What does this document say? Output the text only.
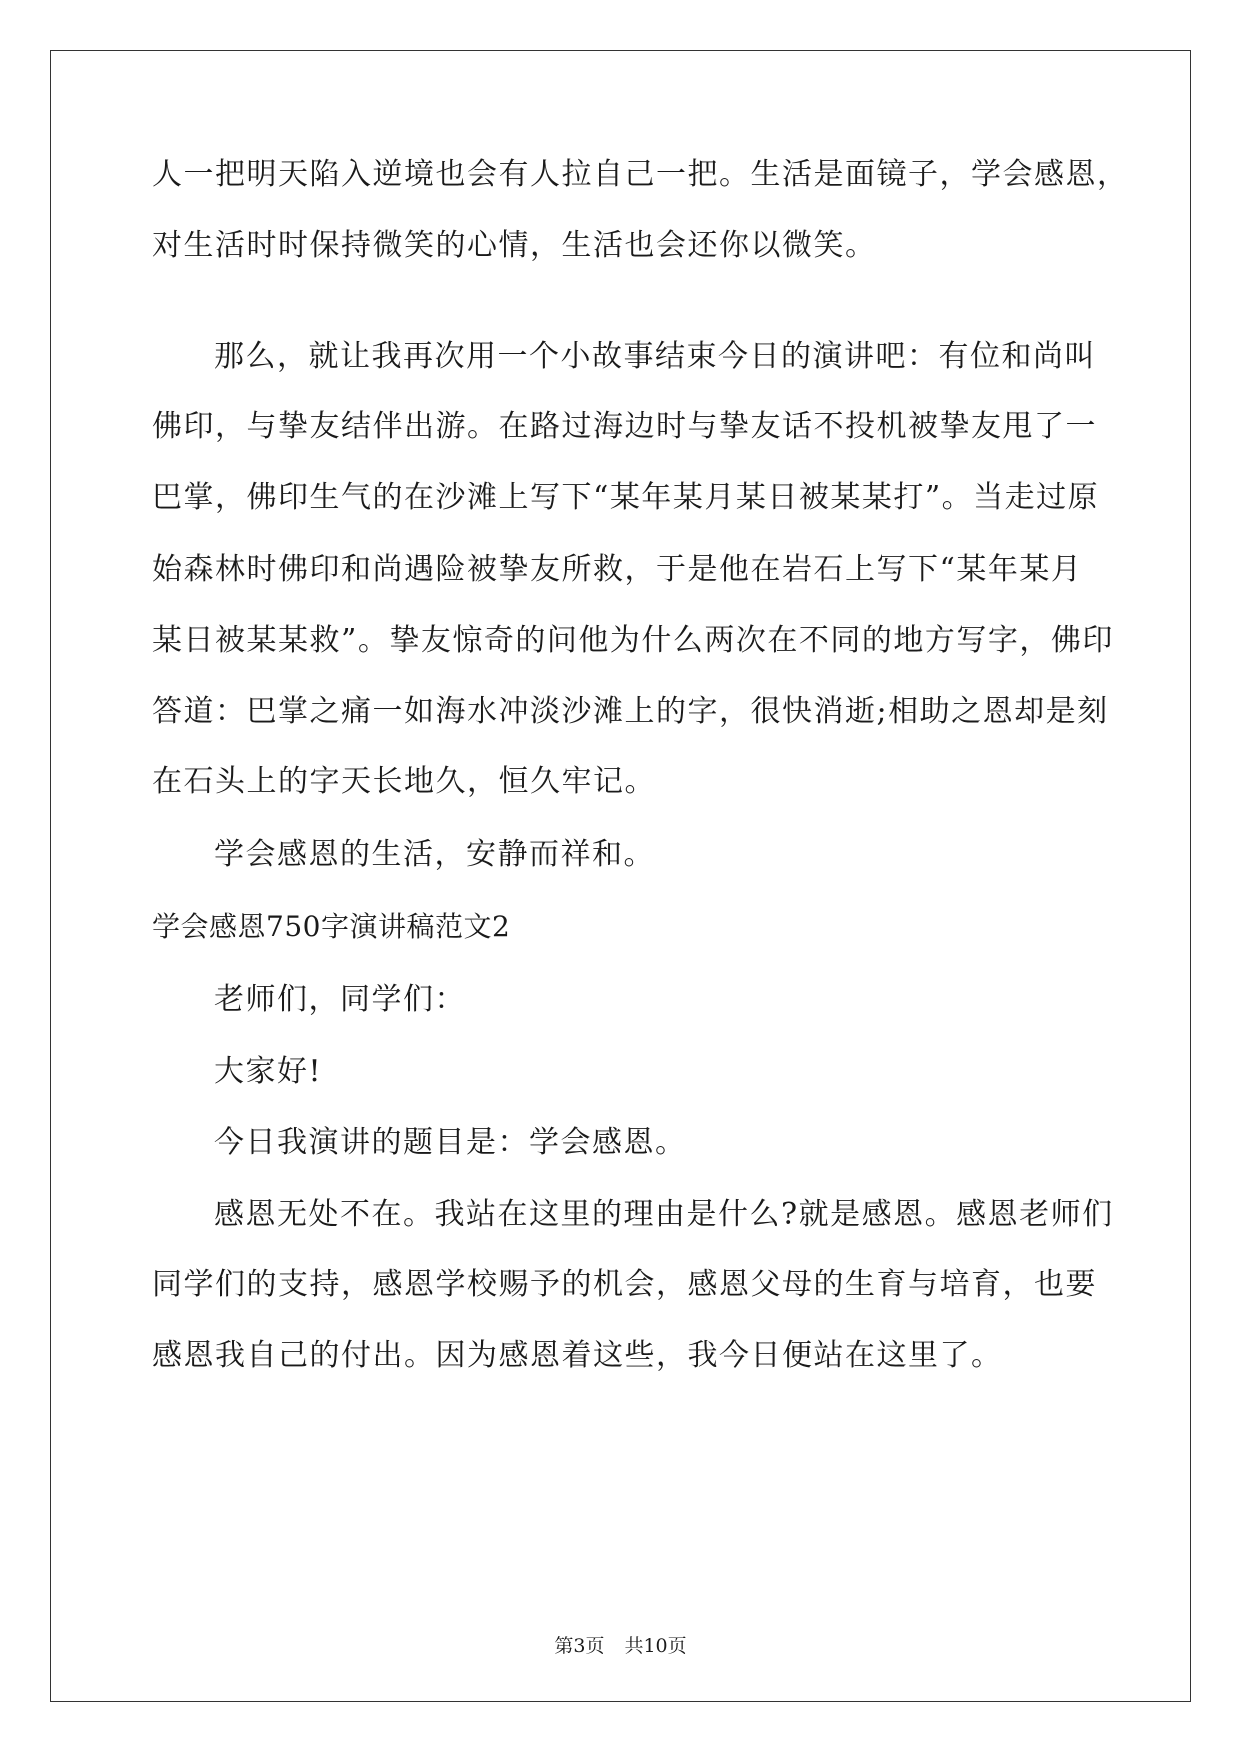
人一把明天陷入逆境也会有人拉自己一把。生活是面镜子，学会感恩，
对生活时时保持微笑的心情，生活也会还你以微笑。
那么，就让我再次用一个小故事结束今日的演讲吧：有位和尚叫
佛印，与挚友结伴出游。在路过海边时与挚友话不投机被挚友甩了一
巴掌，佛印生气的在沙滩上写下“某年某月某日被某某打”。当走过原
始森林时佛印和尚遇险被挚友所救，于是他在岩石上写下“某年某月
某日被某某救”。挚友惊奇的问他为什么两次在不同的地方写字，佛印
答道：巴掌之痛一如海水冲淡沙滩上的字，很快消逝;相助之恩却是刻
在石头上的字天长地久，恒久牢记。
学会感恩的生活，安静而祥和。
学会感恩750字演讲稿范文2
老师们，同学们：
大家好!
今日我演讲的题目是：学会感恩。
感恩无处不在。我站在这里的理由是什么?就是感恩。感恩老师们
同学们的支持，感恩学校赐予的机会，感恩父母的生育与培育，也要
感恩我自己的付出。因为感恩着这些，我今日便站在这里了。
第3页 共10页
